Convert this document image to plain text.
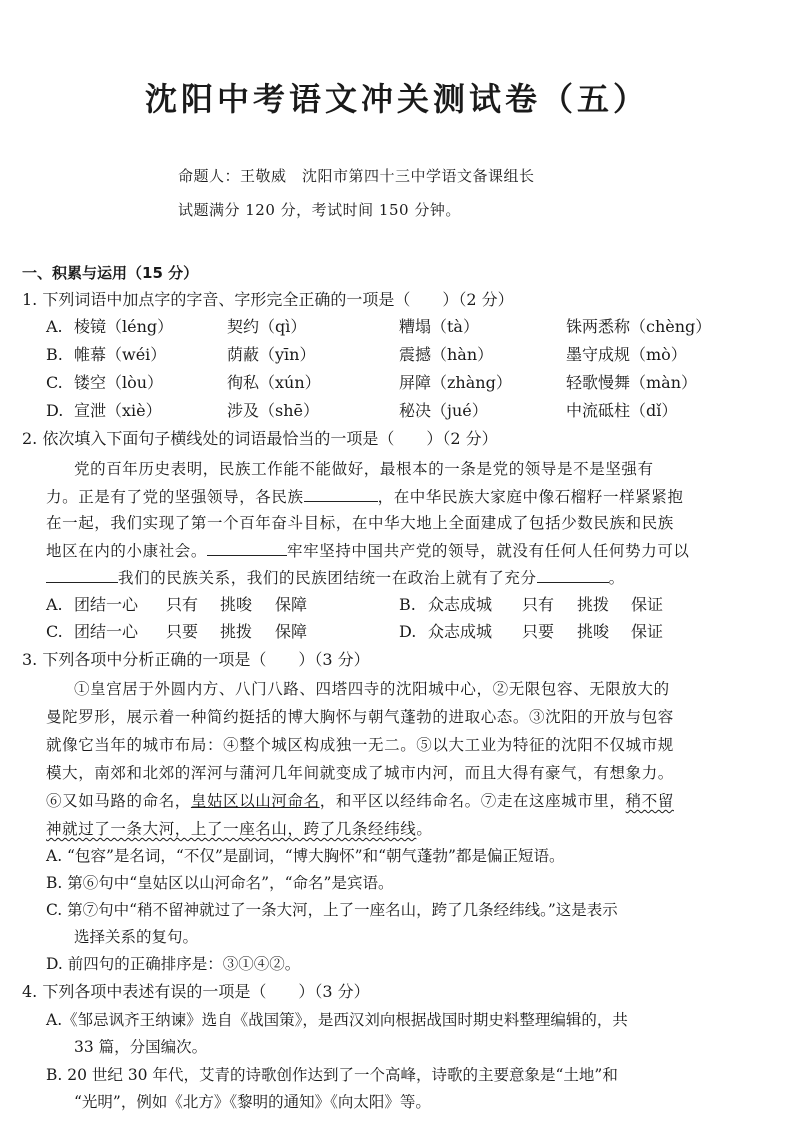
沈阳中考语文冲关测试卷（五）
命题人：王敬威　沈阳市第四十三中学语文备课组长
试题满分 120 分，考试时间 150 分钟。
一、积累与运用（15 分）
1. 下列词语中加点字的字音、字形完全正确的一项是（　　）（2 分）
A. 棱镜（léng）	契约（qì）	糟塌（tà）	铢两悉称（chèng）
B. 帷幕（wéi）	荫蔽（yīn）	震撼（hàn）	墨守成规（mò）
C. 镂空（lòu）	徇私（xún）	屏障（zhàng）	轻歌慢舞（màn）
D. 宣泄（xiè）	涉及（shē）	秘决（jué）	中流砥柱（dǐ）
2. 依次填入下面句子横线处的词语最恰当的一项是（　　）（2 分）
党的百年历史表明，民族工作能不能做好，最根本的一条是党的领导是不是坚强有
力。正是有了党的坚强领导，各民族	，在中华民族大家庭中像石榴籽一样紧紧抱
在一起，我们实现了第一个百年奋斗目标，在中华大地上全面建成了包括少数民族和民族
地区在内的小康社会。	牢牢坚持中国共产党的领导，就没有任何人任何势力可以
我们的民族关系，我们的民族团结统一在政治上就有了充分	。
A. 团结一心 只有 挑唆 保障	B. 众志成城 只有 挑拨 保证
C. 团结一心 只要 挑拨 保障	D. 众志成城 只要 挑唆 保证
3. 下列各项中分析正确的一项是（　　）（3 分）
①皇宫居于外圆内方、八门八路、四塔四寺的沈阳城中心，②无限包容、无限放大的
曼陀罗形，展示着一种简约挺括的博大胸怀与朝气蓬勃的进取心态。③沈阳的开放与包容
就像它当年的城市布局：④整个城区构成独一无二。⑤以大工业为特征的沈阳不仅城市规
模大，南郊和北郊的浑河与蒲河几年间就变成了城市内河，而且大得有豪气，有想象力。
⑥又如马路的命名，皇姑区以山河命名，和平区以经纬命名。⑦走在这座城市里，稍不留
神就过了一条大河，上了一座名山，跨了几条经纬线。
A. “包容”是名词，“不仅”是副词，“博大胸怀”和“朝气蓬勃”都是偏正短语。
B. 第⑥句中“皇姑区以山河命名”，“命名”是宾语。
C. 第⑦句中“稍不留神就过了一条大河，上了一座名山，跨了几条经纬线。”这是表示
选择关系的复句。
D. 前四句的正确排序是：③①④②。
4. 下列各项中表述有误的一项是（　　）（3 分）
A.《邹忌讽齐王纳谏》选自《战国策》，是西汉刘向根据战国时期史料整理编辑的，共
33 篇，分国编次。
B. 20 世纪 30 年代，艾青的诗歌创作达到了一个高峰，诗歌的主要意象是“土地”和
“光明”，例如《北方》《黎明的通知》《向太阳》等。
